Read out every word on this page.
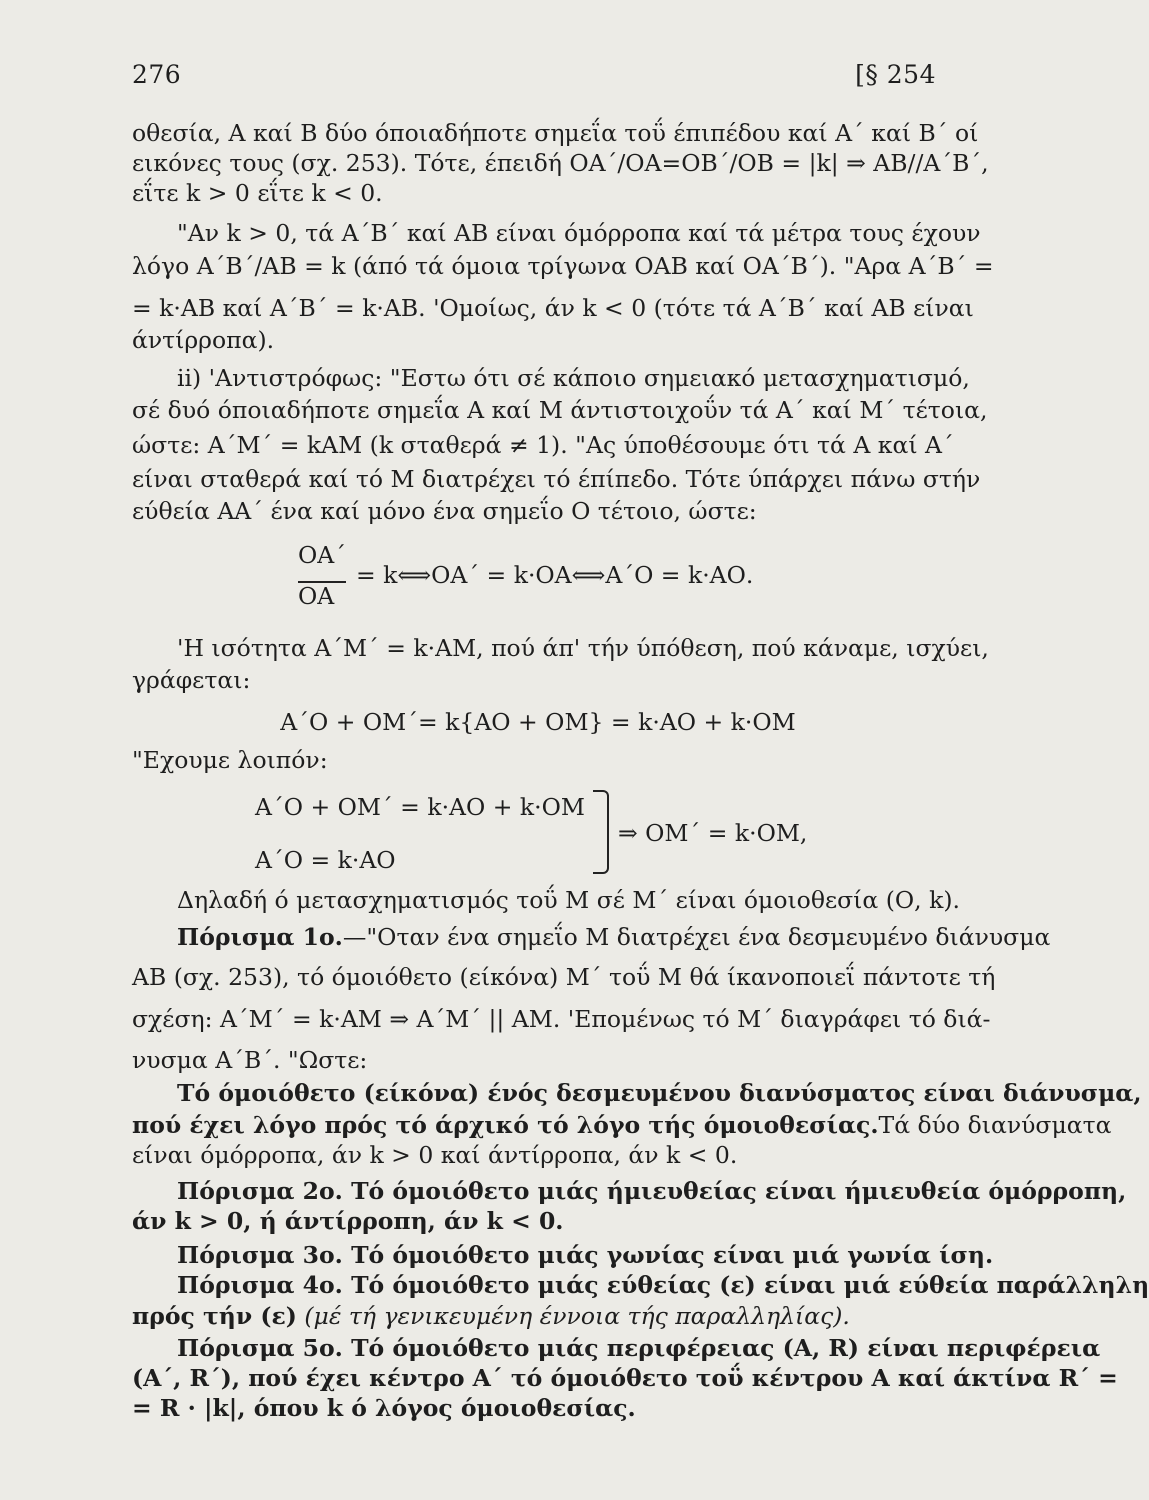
276	[§ 254
οθεσία, Α καί Β δύο όποιαδήποτε σημεΐα τοΰ έπιπέδου καί Α΄ καί Β΄ οί
εικόνες τους (σχ. 253). Τότε, έπειδή ΟΑ΄/ΟΑ=ΟΒ΄/ΟΒ = |k| ⇒ ΑΒ//Α΄Β΄,
εΐτε k > 0 εΐτε k < 0.
"Αν k > 0, τά Α΄Β΄ καί ΑΒ είναι όμόρροπα καί τά μέτρα τους έχουν
λόγο Α΄Β΄/ΑΒ = k (άπό τά όμοια τρίγωνα ΟΑΒ καί ΟΑ΄Β΄). "Αρα Α΄Β΄ =
= k·ΑΒ καί Α΄Β΄ = k·ΑΒ. 'Ομοίως, άν k < 0 (τότε τά Α΄Β΄ καί ΑΒ είναι
άντίρροπα).
ii) 'Αντιστρόφως: "Εστω ότι σέ κάποιο σημειακό μετασχηματισμό,
σέ δυό όποιαδήποτε σημεΐα Α καί Μ άντιστοιχοΰν τά Α΄ καί Μ΄ τέτοια,
ώστε: Α΄Μ΄ = kΑΜ (k σταθερά ≠ 1). "Ας ύποθέσουμε ότι τά Α καί Α΄
είναι σταθερά καί τό Μ διατρέχει τό έπίπεδο. Τότε ύπάρχει πάνω στήν
εύθεία ΑΑ΄ ένα καί μόνο ένα σημεΐο Ο τέτοιο, ώστε:
ΟΑ΄
ΟΑ
= k⟺ΟΑ΄ = k·ΟΑ⟺Α΄Ο = k·ΑΟ.
'Η ισότητα Α΄Μ΄ = k·ΑΜ, πού άπ' τήν ύπόθεση, πού κάναμε, ισχύει,
γράφεται:
Α΄Ο + ΟΜ΄= k{ΑΟ + ΟΜ} = k·ΑΟ + k·ΟΜ
"Εχουμε λοιπόν:
Α΄Ο + ΟΜ΄ = k·ΑΟ + k·ΟΜ
Α΄Ο = k·ΑΟ
⇒ ΟΜ΄ = k·ΟΜ,
Δηλαδή ό μετασχηματισμός τοΰ Μ σέ Μ΄ είναι όμοιοθεσία (Ο, k).
Πόρισμα 1ο.—"Οταν ένα σημεΐο Μ διατρέχει ένα δεσμευμένο διάνυσμα
ΑΒ (σχ. 253), τό όμοιόθετο (είκόνα) Μ΄ τοΰ Μ θά ίκανοποιεΐ πάντοτε τή
σχέση: Α΄Μ΄ = k·ΑΜ ⇒ Α΄Μ΄ || ΑΜ. 'Επομένως τό Μ΄ διαγράφει τό διά-
νυσμα Α΄Β΄. "Ωστε:
Τό όμοιόθετο (είκόνα) ένός δεσμευμένου διανύσματος είναι διάνυσμα,
πού έχει λόγο πρός τό άρχικό τό λόγο τής όμοιοθεσίας.Τά δύο διανύσματα
είναι όμόρροπα, άν k > 0 καί άντίρροπα, άν k < 0.
Πόρισμα 2ο. Τό όμοιόθετο μιάς ήμιευθείας είναι ήμιευθεία όμόρροπη,
άν k > 0, ή άντίρροπη, άν k < 0.
Πόρισμα 3ο. Τό όμοιόθετο μιάς γωνίας είναι μιά γωνία ίση.
Πόρισμα 4ο. Τό όμοιόθετο μιάς εύθείας (ε) είναι μιά εύθεία παράλληλη
πρός τήν (ε) (μέ τή γενικευμένη έννοια τής παραλληλίας).
Πόρισμα 5ο. Τό όμοιόθετο μιάς περιφέρειας (Α, R) είναι περιφέρεια
(Α΄, R΄), πού έχει κέντρο Α΄ τό όμοιόθετο τοΰ κέντρου Α καί άκτίνα R΄ =
= R · |k|, όπου k ό λόγος όμοιοθεσίας.
